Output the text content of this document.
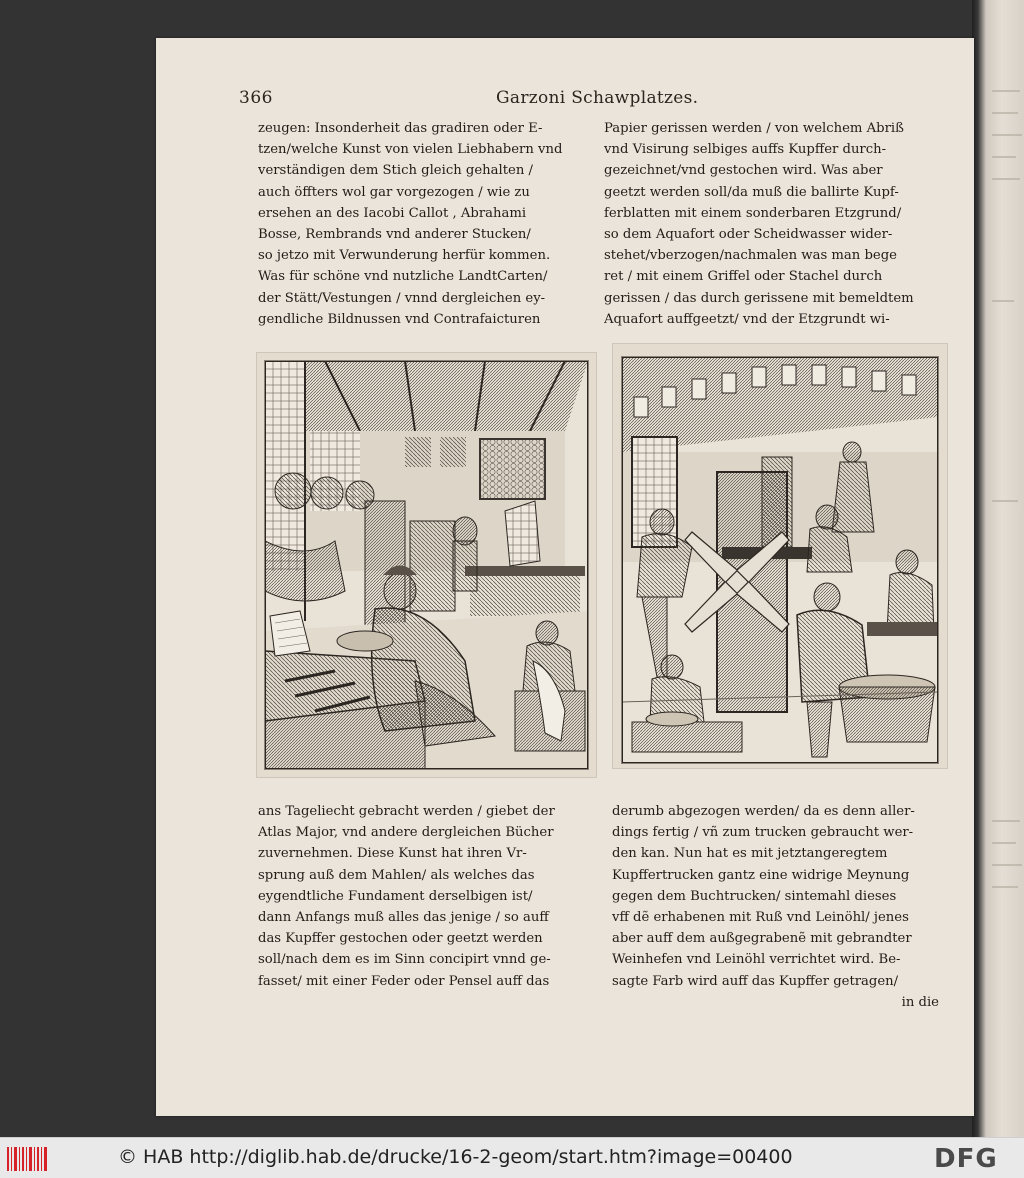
366	Garzoni Schawplatzes.
zeugen: Insonderheit das gradiren oder E-
tzen/welche Kunst von vielen Liebhabern vnd
verständigen dem Stich gleich gehalten /
auch öffters wol gar vorgezogen / wie zu
ersehen an des Iacobi Callot , Abrahami
Bosse, Rembrands vnd anderer Stucken/
so jetzo mit Verwunderung herfür kommen.
Was für schöne vnd nutzliche LandtCarten/
der Stätt/Vestungen / vnnd dergleichen ey-
gendliche Bildnussen vnd Contrafaicturen
Papier gerissen werden / von welchem Abriß
vnd Visirung selbiges auffs Kupffer durch-
gezeichnet/vnd gestochen wird. Was aber
geetzt werden soll/da muß die ballirte Kupf-
ferblatten mit einem sonderbaren Etzgrund/
so dem Aquafort oder Scheidwasser wider-
stehet/vberzogen/nachmalen was man bege
ret / mit einem Griffel oder Stachel durch
gerissen / das durch gerissene mit bemeldtem
Aquafort auffgeetzt/ vnd der Etzgrundt wi-
ans Tageliecht gebracht werden / giebet der
Atlas Major, vnd andere dergleichen Bücher
zuvernehmen. Diese Kunst hat ihren Vr-
sprung auß dem Mahlen/ als welches das
eygendtliche Fundament derselbigen ist/
dann Anfangs muß alles das jenige / so auff
das Kupffer gestochen oder geetzt werden
soll/nach dem es im Sinn concipirt vnnd ge-
fasset/ mit einer Feder oder Pensel auff das
derumb abgezogen werden/ da es denn aller-
dings fertig / vñ zum trucken gebraucht wer-
den kan. Nun hat es mit jetztangeregtem
Kupffertrucken gantz eine widrige Meynung
gegen dem Buchtrucken/ sintemahl dieses
vff dẽ erhabenen mit Ruß vnd Leinöhl/ jenes
aber auff dem außgegrabenẽ mit gebrandter
Weinhefen vnd Leinöhl verrichtet wird. Be-
sagte Farb wird auff das Kupffer getragen/
in die
© HAB http://diglib.hab.de/drucke/16-2-geom/start.htm?image=00400	DFG
